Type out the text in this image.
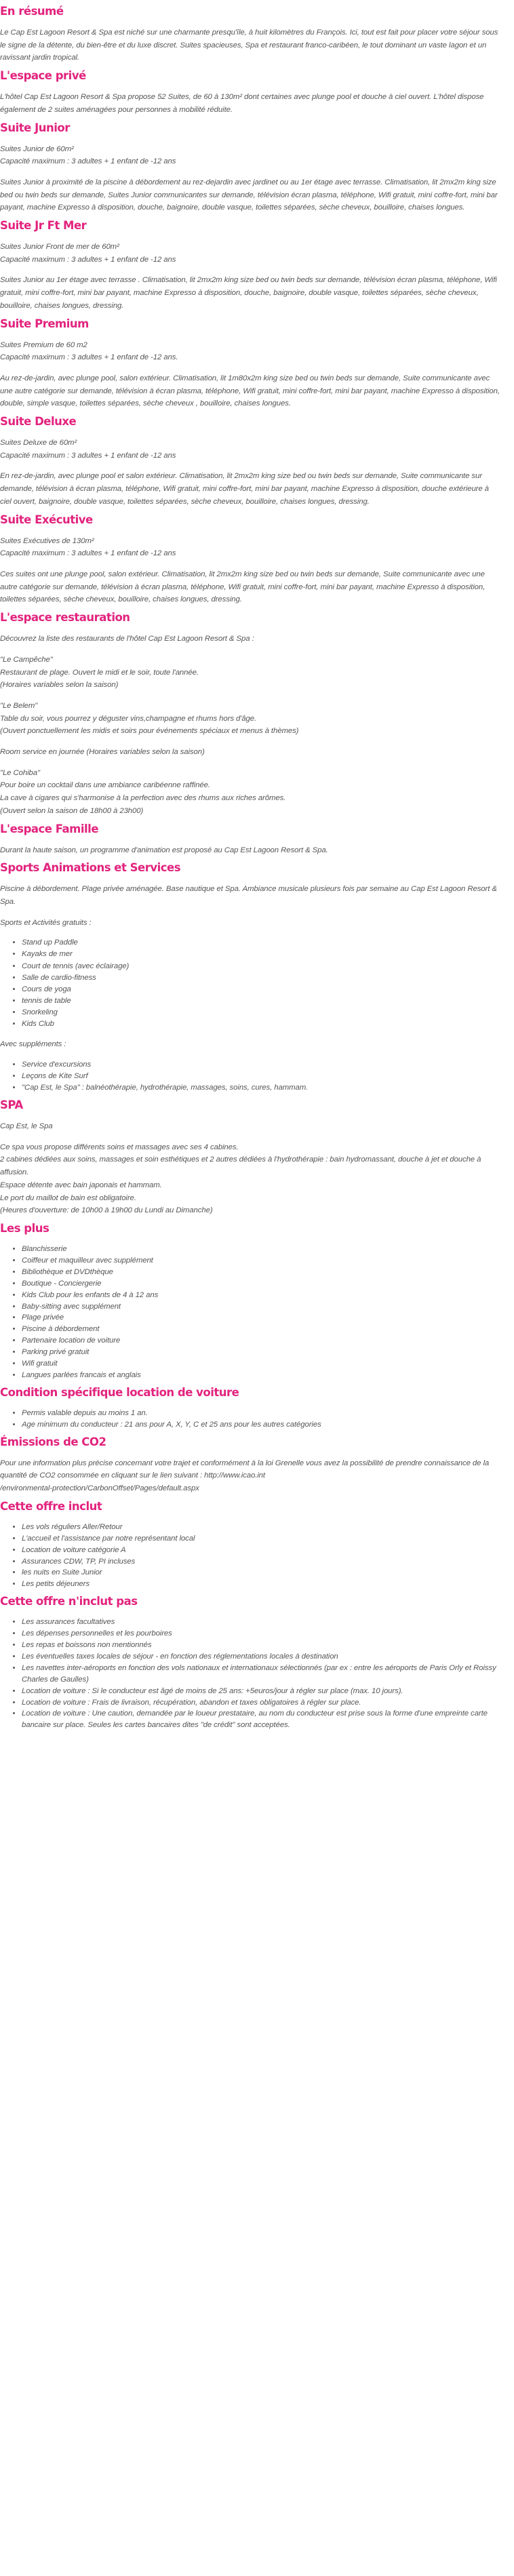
En résumé

Le Cap Est Lagoon Resort & Spa est niché sur une charmante presqu'île, à huit kilomètres du François. Ici, tout est fait pour placer votre séjour sous le signe de la détente, du bien-être et du luxe discret. Suites spacieuses, Spa et restaurant franco-caribéen, le tout dominant un vaste lagon et un ravissant jardin tropical.

L'espace privé

L'hôtel Cap Est Lagoon Resort & Spa propose 52 Suites, de 60 à 130m² dont certaines avec plunge pool et douche à ciel ouvert. L'hôtel dispose également de 2 suites aménagées pour personnes à mobilité réduite.

Suite Junior

Suites Junior de 60m²
Capacité maximum : 3 adultes + 1 enfant de -12 ans

Suites Junior à proximité de la piscine à débordement au rez-dejardin avec jardinet ou au 1er étage avec terrasse. Climatisation, lit 2mx2m king size bed ou twin beds sur demande, Suites Junior communicantes sur demande, télévision écran plasma, téléphone, Wifi gratuit, mini coffre-fort, mini bar payant, machine Expresso à disposition, douche, baignoire, double vasque, toilettes séparées, sèche cheveux, bouilloire, chaises longues.

Suite Jr Ft Mer

Suites Junior Front de mer de 60m²
Capacité maximum : 3 adultes + 1 enfant de -12 ans

Suites Junior au 1er étage avec terrasse . Climatisation, lit 2mx2m king size bed ou twin beds sur demande, télévision écran plasma, téléphone, Wifi gratuit, mini coffre-fort, mini bar payant, machine Expresso à disposition, douche, baignoire, double vasque, toilettes séparées, sèche cheveux, bouilloire, chaises longues, dressing.

Suite Premium

Suites Premium de 60 m2
Capacité maximum : 3 adultes + 1 enfant de -12 ans.

Au rez-de-jardin, avec plunge pool, salon extérieur. Climatisation, lit 1m80x2m king size bed ou twin beds sur demande, Suite communicante avec une autre catégorie sur demande, télévision à écran plasma, téléphone, Wifi gratuit, mini coffre-fort, mini bar payant, machine Expresso à disposition, double, simple vasque, toilettes séparées, sèche cheveux , bouilloire, chaises longues.

Suite Deluxe

Suites Deluxe de 60m²
Capacité maximum : 3 adultes + 1 enfant de -12 ans

En rez-de-jardin, avec plunge pool et salon extérieur. Climatisation, lit 2mx2m king size bed ou twin beds sur demande, Suite communicante sur demande, télévision à écran plasma, téléphone, Wifi gratuit, mini coffre-fort, mini bar payant, machine Expresso à disposition, douche extérieure à ciel ouvert, baignoire, double vasque, toilettes séparées, sèche cheveux, bouilloire, chaises longues, dressing.

Suite Exécutive

Suites Exécutives de 130m²
Capacité maximum : 3 adultes + 1 enfant de -12 ans

Ces suites ont une plunge pool, salon extérieur. Climatisation, lit 2mx2m king size bed ou twin beds sur demande, Suite communicante avec une autre catégorie sur demande, télévision à écran plasma, téléphone, Wifi gratuit, mini coffre-fort, mini bar payant, machine Expresso à disposition, toilettes séparées, sèche cheveux, bouilloire, chaises longues, dressing.

L'espace restauration

Découvrez la liste des restaurants de l'hôtel Cap Est Lagoon Resort & Spa :

"Le Campêche"
Restaurant de plage. Ouvert le midi et le soir, toute l'année.
(Horaires variables selon la saison)

"Le Belem"
Table du soir, vous pourrez y déguster vins,champagne et rhums hors d'âge.
(Ouvert ponctuellement les midis et soirs pour événements spéciaux et menus à thèmes)

Room service en journée (Horaires variables selon la saison)

"Le Cohiba"
Pour boire un cocktail dans une ambiance caribéenne raffinée.
La cave à cigares qui s'harmonise à la perfection avec des rhums aux riches arômes.
(Ouvert selon la saison de 18h00 à 23h00)

L'espace Famille

Durant la haute saison, un programme d'animation est proposé au Cap Est Lagoon Resort & Spa.

Sports Animations et Services

Piscine à débordement. Plage privée aménagée. Base nautique et Spa. Ambiance musicale plusieurs fois par semaine au Cap Est Lagoon Resort & Spa.

Sports et Activités gratuits :

• Stand up Paddle
• Kayaks de mer
• Court de tennis (avec éclairage)
• Salle de cardio-fitness
• Cours de yoga
• tennis de table
• Snorkeling
• Kids Club

Avec suppléments :

• Service d'excursions
• Leçons de Kite Surf
• "Cap Est, le Spa" : balnéothérapie, hydrothérapie, massages, soins, cures, hammam.
SPA

Cap Est, le Spa

Ce spa vous propose différents soins et massages avec ses 4 cabines.
2 cabines dédiées aux soins, massages et soin esthétiques et 2 autres dédiées à l'hydrothérapie : bain hydromassant, douche à jet et douche à affusion.
Espace détente avec bain japonais et hammam.
Le port du maillot de bain est obligatoire.
(Heures d'ouverture: de 10h00 à 19h00 du Lundi au Dimanche)

Les plus
• Blanchisserie
• Coiffeur et maquilleur avec supplément
• Bibliothèque et DVDthèque
• Boutique - Conciergerie
• Kids Club pour les enfants de 4 à 12 ans
• Baby-sitting avec supplément
• Plage privée
• Piscine à débordement
• Partenaire location de voiture
• Parking privé gratuit
• Wifi gratuit
• Langues parlées francais et anglais
Condition spécifique location de voiture
• Permis valable depuis au moins 1 an.
• Age minimum du conducteur : 21 ans pour A, X, Y, C et 25 ans pour les autres catégories
Émissions de CO2

Pour une information plus précise concernant votre trajet et conformément à la loi Grenelle vous avez la possibilité de prendre connaissance de la quantité de CO2 consommée en cliquant sur le lien suivant : http://www.icao.int
/environmental-protection/CarbonOffset/Pages/default.aspx

Cette offre inclut
• Les vols réguliers Aller/Retour
• L'accueil et l'assistance par notre représentant local
• Location de voiture catégorie A
• Assurances CDW, TP, PI incluses
• les nuits en Suite Junior
• Les petits déjeuners
Cette offre n'inclut pas
• Les assurances facultatives
• Les dépenses personnelles et les pourboires
• Les repas et boissons non mentionnés
• Les éventuelles taxes locales de séjour - en fonction des réglementations locales à destination
• Les navettes inter-aéroports en fonction des vols nationaux et internationaux sélectionnés (par ex : entre les aéroports de Paris Orly et Roissy Charles de Gaulles)
• Location de voiture : Si le conducteur est âgé de moins de 25 ans: +5euros/jour à régler sur place (max. 10 jours).
• Location de voiture : Frais de livraison, récupération, abandon et taxes obligatoires à régler sur place.
• Location de voiture : Une caution, demandée par le loueur prestataire, au nom du conducteur est prise sous la forme d'une empreinte carte bancaire sur place. Seules les cartes bancaires dites "de crédit" sont acceptées.
